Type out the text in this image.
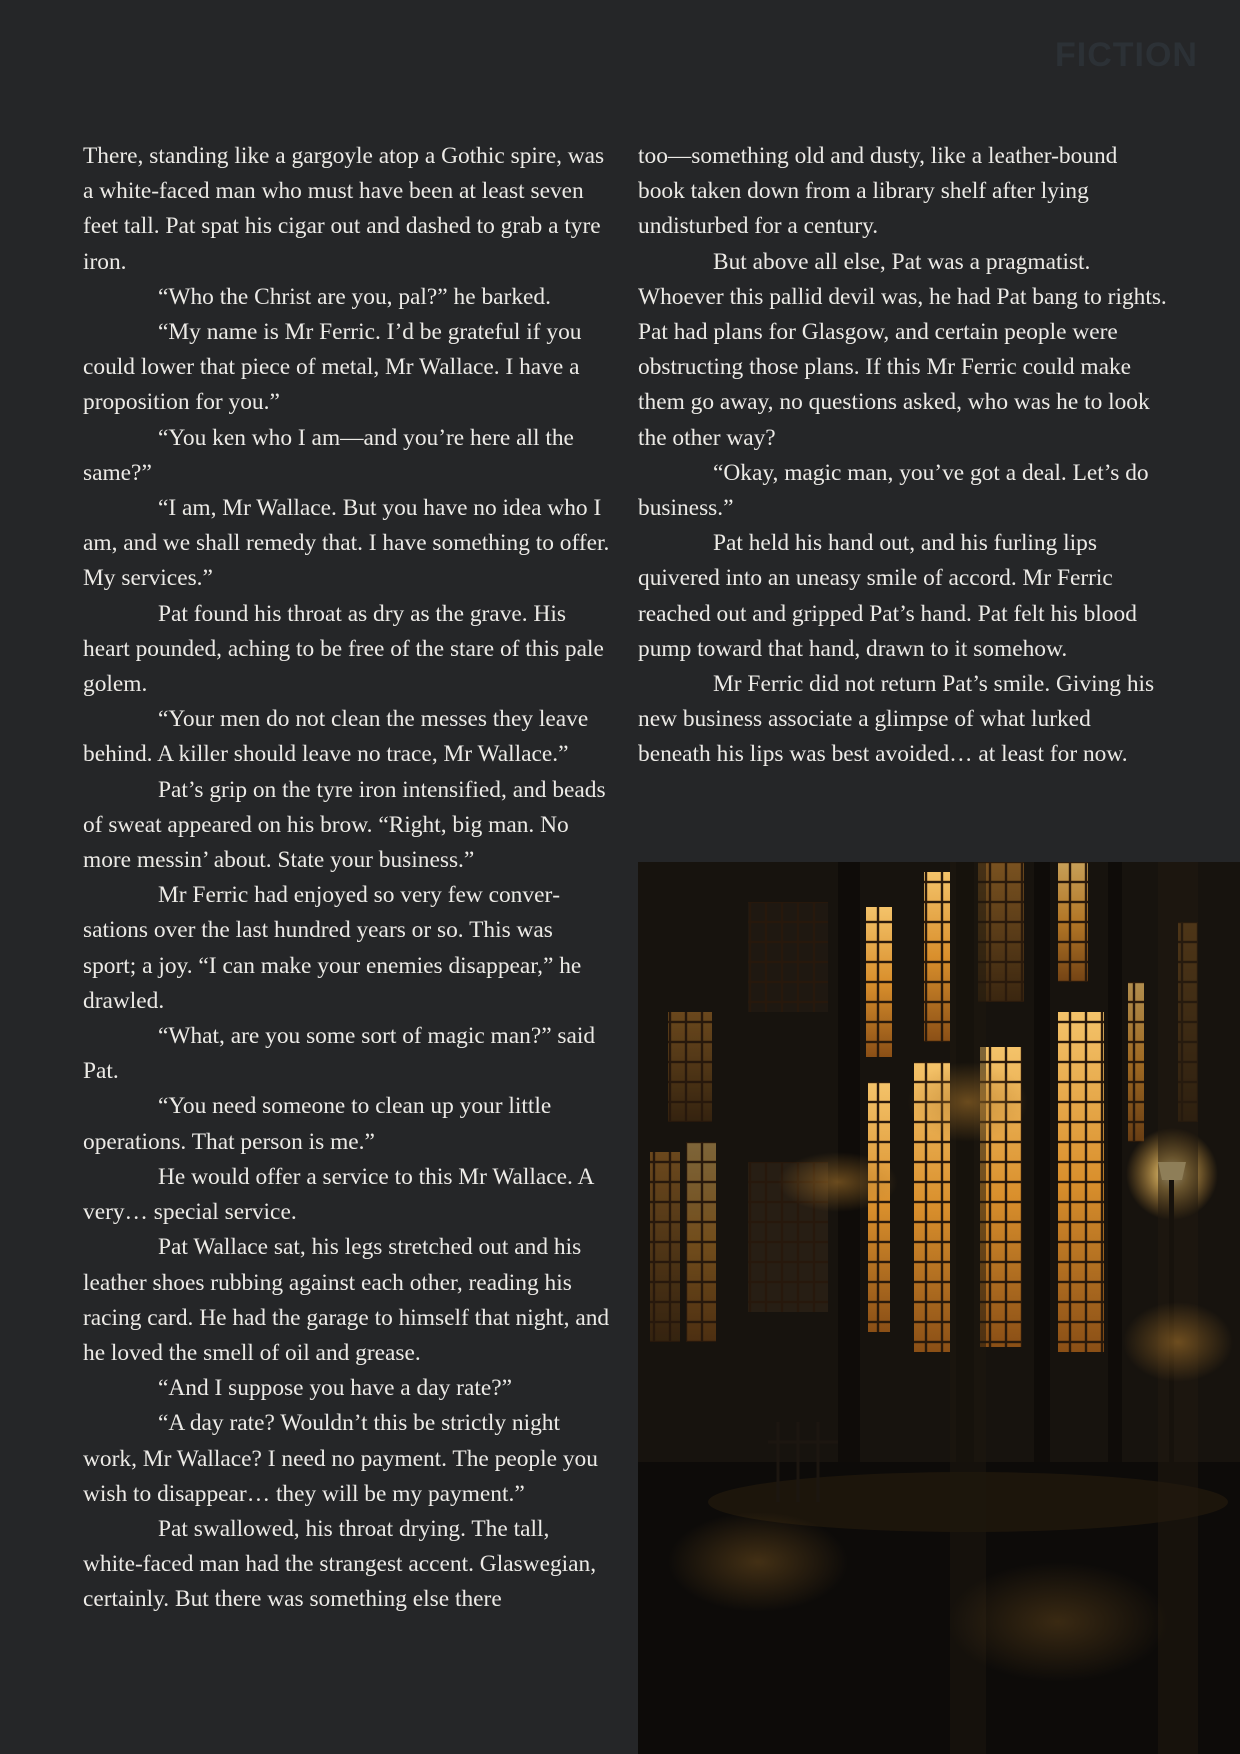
FICTION

There, standing like a gargoyle atop a Gothic spire, was a white-faced man who must have been at least seven feet tall. Pat spat his cigar out and dashed to grab a tyre iron.

“Who the Christ are you, pal?” he barked.

“My name is Mr Ferric. I’d be grateful if you could lower that piece of metal, Mr Wallace. I have a proposition for you.”

“You ken who I am—and you’re here all the same?”

“I am, Mr Wallace. But you have no idea who I am, and we shall remedy that. I have something to offer. My services.”

Pat found his throat as dry as the grave. His heart pounded, aching to be free of the stare of this pale golem.

“Your men do not clean the messes they leave behind. A killer should leave no trace, Mr Wallace.”

Pat’s grip on the tyre iron intensified, and beads of sweat appeared on his brow. “Right, big man. No more messin’ about. State your business.”

Mr Ferric had enjoyed so very few conversations over the last hundred years or so. This was sport; a joy. “I can make your enemies disappear,” he drawled.

“What, are you some sort of magic man?” said Pat.

“You need someone to clean up your little operations. That person is me.”

He would offer a service to this Mr Wallace. A very… special service.

Pat Wallace sat, his legs stretched out and his leather shoes rubbing against each other, reading his racing card. He had the garage to himself that night, and he loved the smell of oil and grease.

“And I suppose you have a day rate?”

“A day rate? Wouldn’t this be strictly night work, Mr Wallace? I need no payment. The people you wish to disappear… they will be my payment.”

Pat swallowed, his throat drying. The tall, white-faced man had the strangest accent. Glaswegian, certainly. But there was something else there

too—something old and dusty, like a leather-bound book taken down from a library shelf after lying undisturbed for a century.

But above all else, Pat was a pragmatist. Whoever this pallid devil was, he had Pat bang to rights. Pat had plans for Glasgow, and certain people were obstructing those plans. If this Mr Ferric could make them go away, no questions asked, who was he to look the other way?

“Okay, magic man, you’ve got a deal. Let’s do business.”

Pat held his hand out, and his furling lips quivered into an uneasy smile of accord. Mr Ferric reached out and gripped Pat’s hand. Pat felt his blood pump toward that hand, drawn to it somehow.

Mr Ferric did not return Pat’s smile. Giving his new business associate a glimpse of what lurked beneath his lips was best avoided… at least for now.
